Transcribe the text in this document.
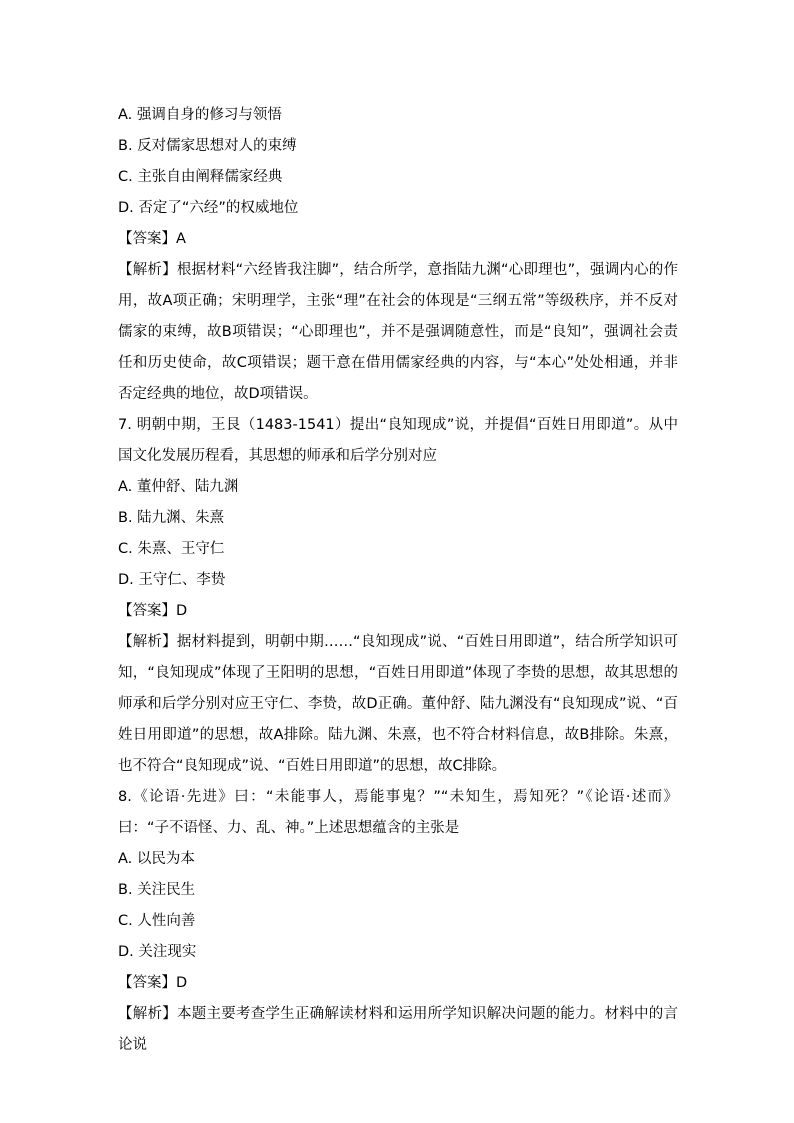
A. 强调自身的修习与领悟
B. 反对儒家思想对人的束缚
C. 主张自由阐释儒家经典
D. 否定了“六经”的权威地位
【答案】A
【解析】根据材料“六经皆我注脚”，结合所学，意指陆九渊“心即理也”，强调内心的作用，故A项正确；宋明理学，主张“理”在社会的体现是“三纲五常”等级秩序，并不反对儒家的束缚，故B项错误；“心即理也”，并不是强调随意性，而是“良知”，强调社会责任和历史使命，故C项错误；题干意在借用儒家经典的内容，与“本心”处处相通，并非否定经典的地位，故D项错误。
7. 明朝中期，王艮（1483-1541）提出“良知现成”说，并提倡“百姓日用即道”。从中国文化发展历程看，其思想的师承和后学分别对应
A. 董仲舒、陆九渊
B. 陆九渊、朱熹
C. 朱熹、王守仁
D. 王守仁、李贽
【答案】D
【解析】据材料提到，明朝中期……“良知现成”说、“百姓日用即道”，结合所学知识可知，“良知现成”体现了王阳明的思想，“百姓日用即道”体现了李贽的思想，故其思想的师承和后学分别对应王守仁、李贽，故D正确。董仲舒、陆九渊没有“良知现成”说、“百姓日用即道”的思想，故A排除。陆九渊、朱熹，也不符合材料信息，故B排除。朱熹，也不符合“良知现成”说、“百姓日用即道”的思想，故C排除。
8.《论语·先进》曰：“未能事人，焉能事鬼？”“未知生，焉知死？”《论语·述而》曰：“子不语怪、力、乱、神。”上述思想蕴含的主张是
A. 以民为本
B. 关注民生
C. 人性向善
D. 关注现实
【答案】D
【解析】本题主要考查学生正确解读材料和运用所学知识解决问题的能力。材料中的言论说
